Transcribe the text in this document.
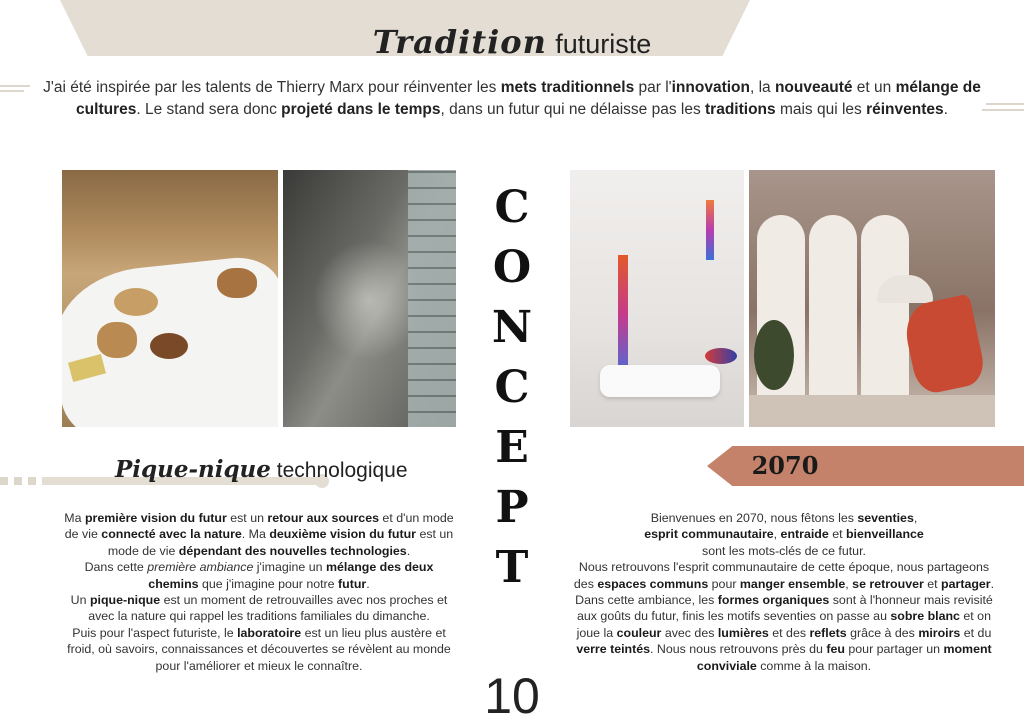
Tradition futuriste
J'ai été inspirée par les talents de Thierry Marx pour réinventer les mets traditionnels par l'innovation, la nouveauté et un mélange de cultures. Le stand sera donc projeté dans le temps, dans un futur qui ne délaisse pas les traditions mais qui les réinventes.
C
O
N
C
E
P
T
Pique-nique technologique	2070
Ma première vision du futur est un retour aux sources et d'un mode de vie connecté avec la nature. Ma deuxième vision du futur est un mode de vie dépendant des nouvelles technologies.
Dans cette première ambiance j'imagine un mélange des deux chemins que j'imagine pour notre futur.
Un pique-nique est un moment de retrouvailles avec nos proches et avec la nature qui rappel les traditions familiales du dimanche.
Puis pour l'aspect futuriste, le laboratoire est un lieu plus austère et froid, où savoirs, connaissances et découvertes se révèlent au monde pour l'améliorer et mieux le connaître.
Bienvenues en 2070, nous fêtons les seventies,
esprit communautaire, entraide et bienveillance
sont les mots-clés de ce futur.
Nous retrouvons l'esprit communautaire de cette époque, nous partageons des espaces communs pour manger ensemble, se retrouver et partager. Dans cette ambiance, les formes organiques sont à l'honneur mais revisité aux goûts du futur, finis les motifs seventies on passe au sobre blanc et on joue la couleur avec des lumières et des reflets grâce à des miroirs et du verre teintés. Nous nous retrouvons près du feu pour partager un moment conviviale comme à la maison.
10
